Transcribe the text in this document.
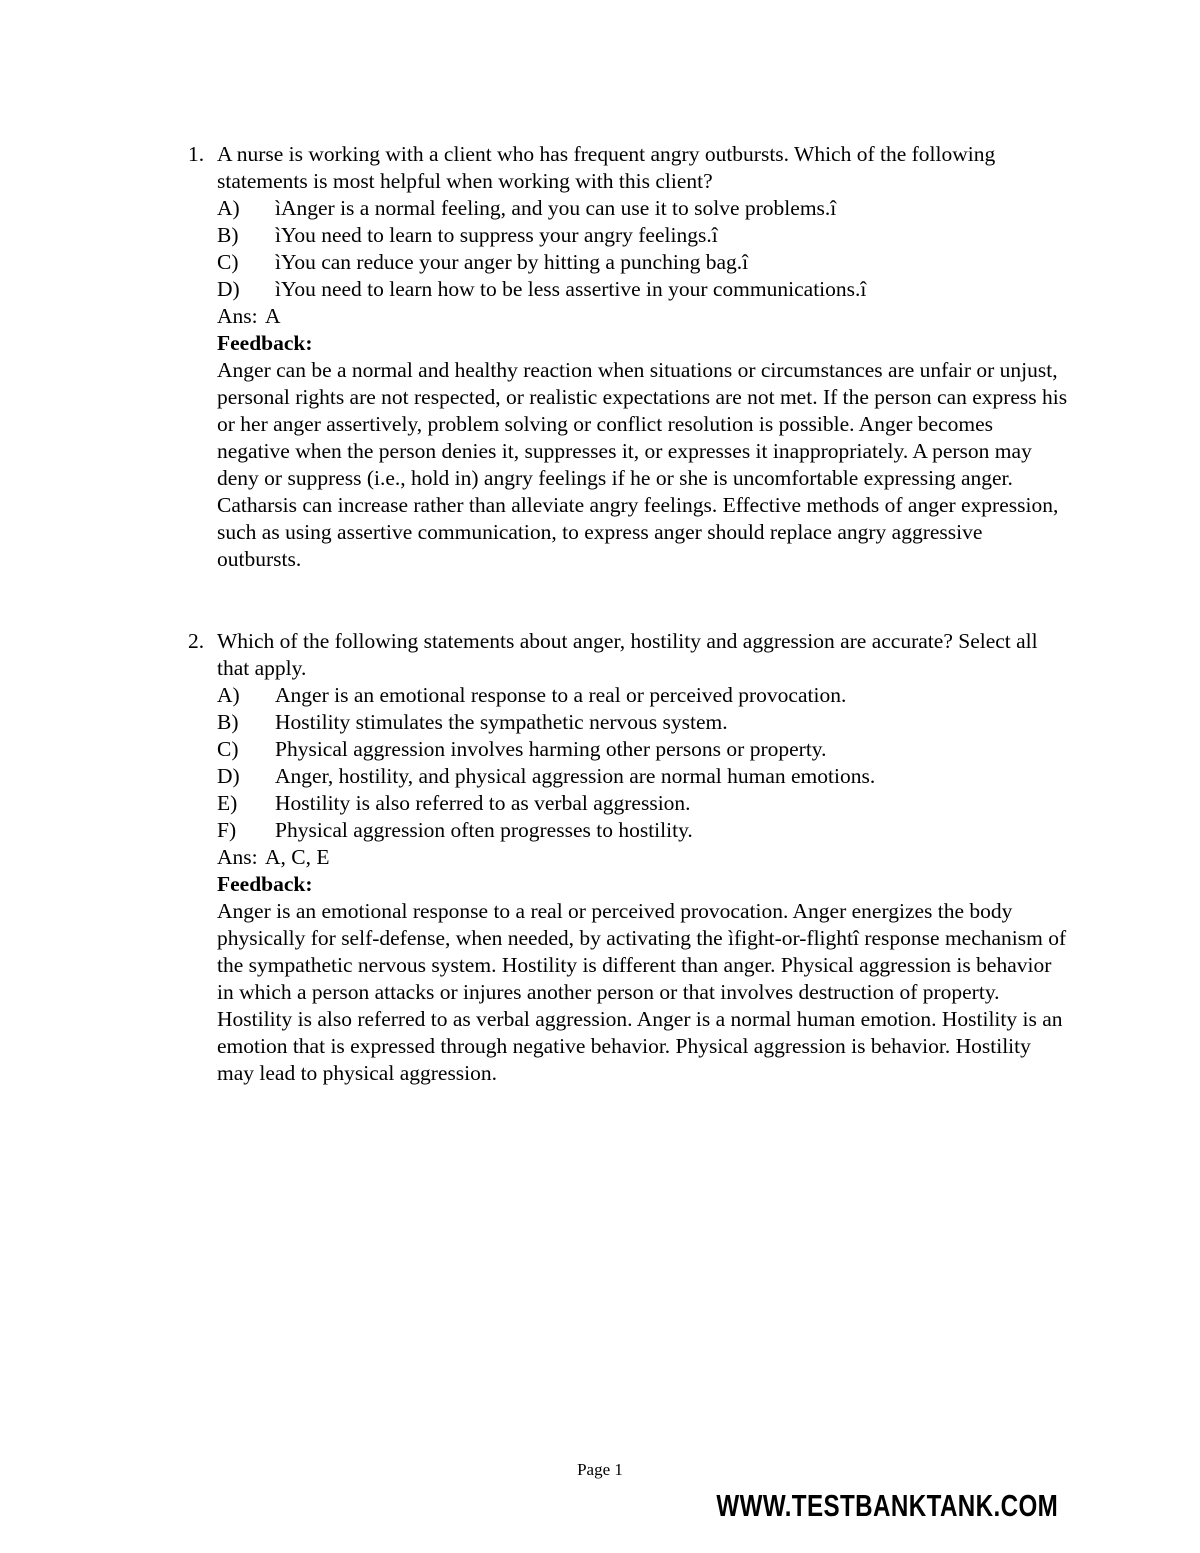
1. A nurse is working with a client who has frequent angry outbursts. Which of the following statements is most helpful when working with this client?

A)	ìAnger is a normal feeling, and you can use it to solve problems.î
B)	ìYou need to learn to suppress your angry feelings.î
C)	ìYou can reduce your anger by hitting a punching bag.î
D)	ìYou need to learn how to be less assertive in your communications.î
Ans: A
Feedback:

Anger can be a normal and healthy reaction when situations or circumstances are unfair or unjust, personal rights are not respected, or realistic expectations are not met. If the person can express his or her anger assertively, problem solving or conflict resolution is possible. Anger becomes negative when the person denies it, suppresses it, or expresses it inappropriately. A person may deny or suppress (i.e., hold in) angry feelings if he or she is uncomfortable expressing anger. Catharsis can increase rather than alleviate angry feelings. Effective methods of anger expression, such as using assertive communication, to express anger should replace angry aggressive outbursts.

2. Which of the following statements about anger, hostility and aggression are accurate? Select all that apply.

A)	Anger is an emotional response to a real or perceived provocation.
B)	Hostility stimulates the sympathetic nervous system.
C)	Physical aggression involves harming other persons or property.
D)	Anger, hostility, and physical aggression are normal human emotions.
E)	Hostility is also referred to as verbal aggression.
F)	Physical aggression often progresses to hostility.
Ans: A, C, E
Feedback:

Anger is an emotional response to a real or perceived provocation. Anger energizes the body physically for self-defense, when needed, by activating the ìfight-or-flightî response mechanism of the sympathetic nervous system. Hostility is different than anger. Physical aggression is behavior in which a person attacks or injures another person or that involves destruction of property. Hostility is also referred to as verbal aggression. Anger is a normal human emotion. Hostility is an emotion that is expressed through negative behavior. Physical aggression is behavior. Hostility may lead to physical aggression.

Page 1
WWW.TESTBANKTANK.COM
